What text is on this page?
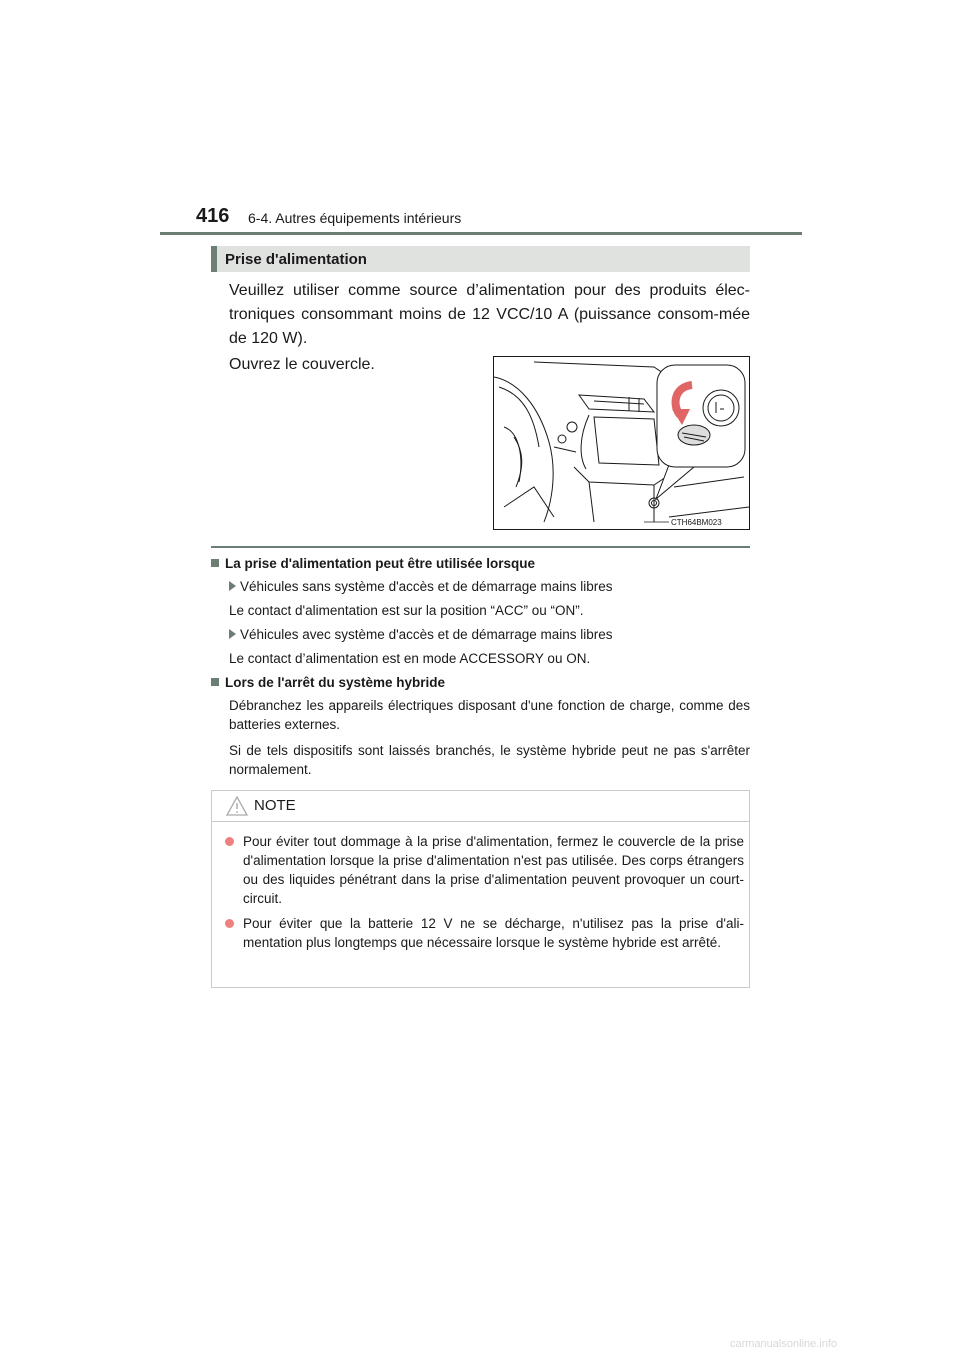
416 6-4. Autres équipements intérieurs
Prise d'alimentation
Veuillez utiliser comme source d’alimentation pour des produits élec-troniques consommant moins de 12 VCC/10 A (puissance consom-mée de 120 W).
Ouvrez le couvercle.
CTH64BM023
La prise d'alimentation peut être utilisée lorsque
Véhicules sans système d'accès et de démarrage mains libres
Le contact d'alimentation est sur la position “ACC” ou “ON”.
Véhicules avec système d'accès et de démarrage mains libres
Le contact d’alimentation est en mode ACCESSORY ou ON.
Lors de l'arrêt du système hybride
Débranchez les appareils électriques disposant d'une fonction de charge, comme des batteries externes.
Si de tels dispositifs sont laissés branchés, le système hybride peut ne pas s'arrêter normalement.
NOTE
Pour éviter tout dommage à la prise d'alimentation, fermez le couvercle de la prise d'alimentation lorsque la prise d'alimentation n'est pas utilisée. Des corps étrangers ou des liquides pénétrant dans la prise d'alimentation peuvent provoquer un court-circuit.
Pour éviter que la batterie 12 V ne se décharge, n'utilisez pas la prise d'ali-mentation plus longtemps que nécessaire lorsque le système hybride est arrêté.
carmanualsonline.info
